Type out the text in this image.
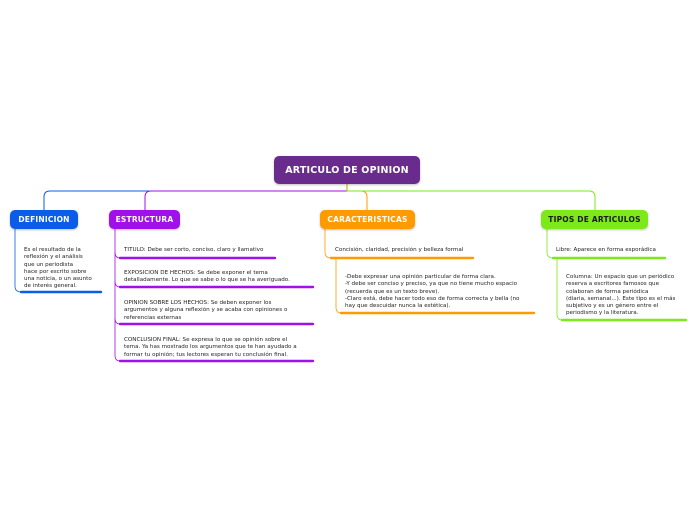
ARTICULO DE OPINION
DEFINICION	ESTRUCTURA	CARACTERISTICAS	TIPOS DE ARTICULOS
Es el resultado de la
reflexión y el análisis
que un periodista
hace por escrito sobre
una noticia, o un asunto
de interés general.
TITULO: Debe ser corto, conciso, claro y llamativo
EXPOSICION DE HECHOS: Se debe exponer el tema
detalladamente. Lo que se sabe o lo que se ha averiguado.
OPINION SOBRE LOS HECHOS: Se deben exponer los
argumentos y alguna reflexión y se acaba con opiniones o
referencias externas
CONCLUSION FINAL: Se expresa lo que se opinión sobre el
tema. Ya has mostrado los argumentos que te han ayudado a
formar tu opinión; tus lectores esperan tu conclusión final.
Concisión, claridad, precisión y belleza formal
-Debe expresar una opinión particular de forma clara.
-Y debe ser conciso y preciso, ya que no tiene mucho espacio
(recuerda que es un texto breve).
-Claro está, debe hacer todo eso de forma correcta y bella (no
hay que descuidar nunca la estética).
Libre: Aparece en forma esporádica
Columna: Un espacio que un periódico
reserva a escritores famosos que
colaboran de forma periódica
(diaria, semanal...). Este tipo es el más
subjetivo y es un género entre el
periodismo y la literatura.
